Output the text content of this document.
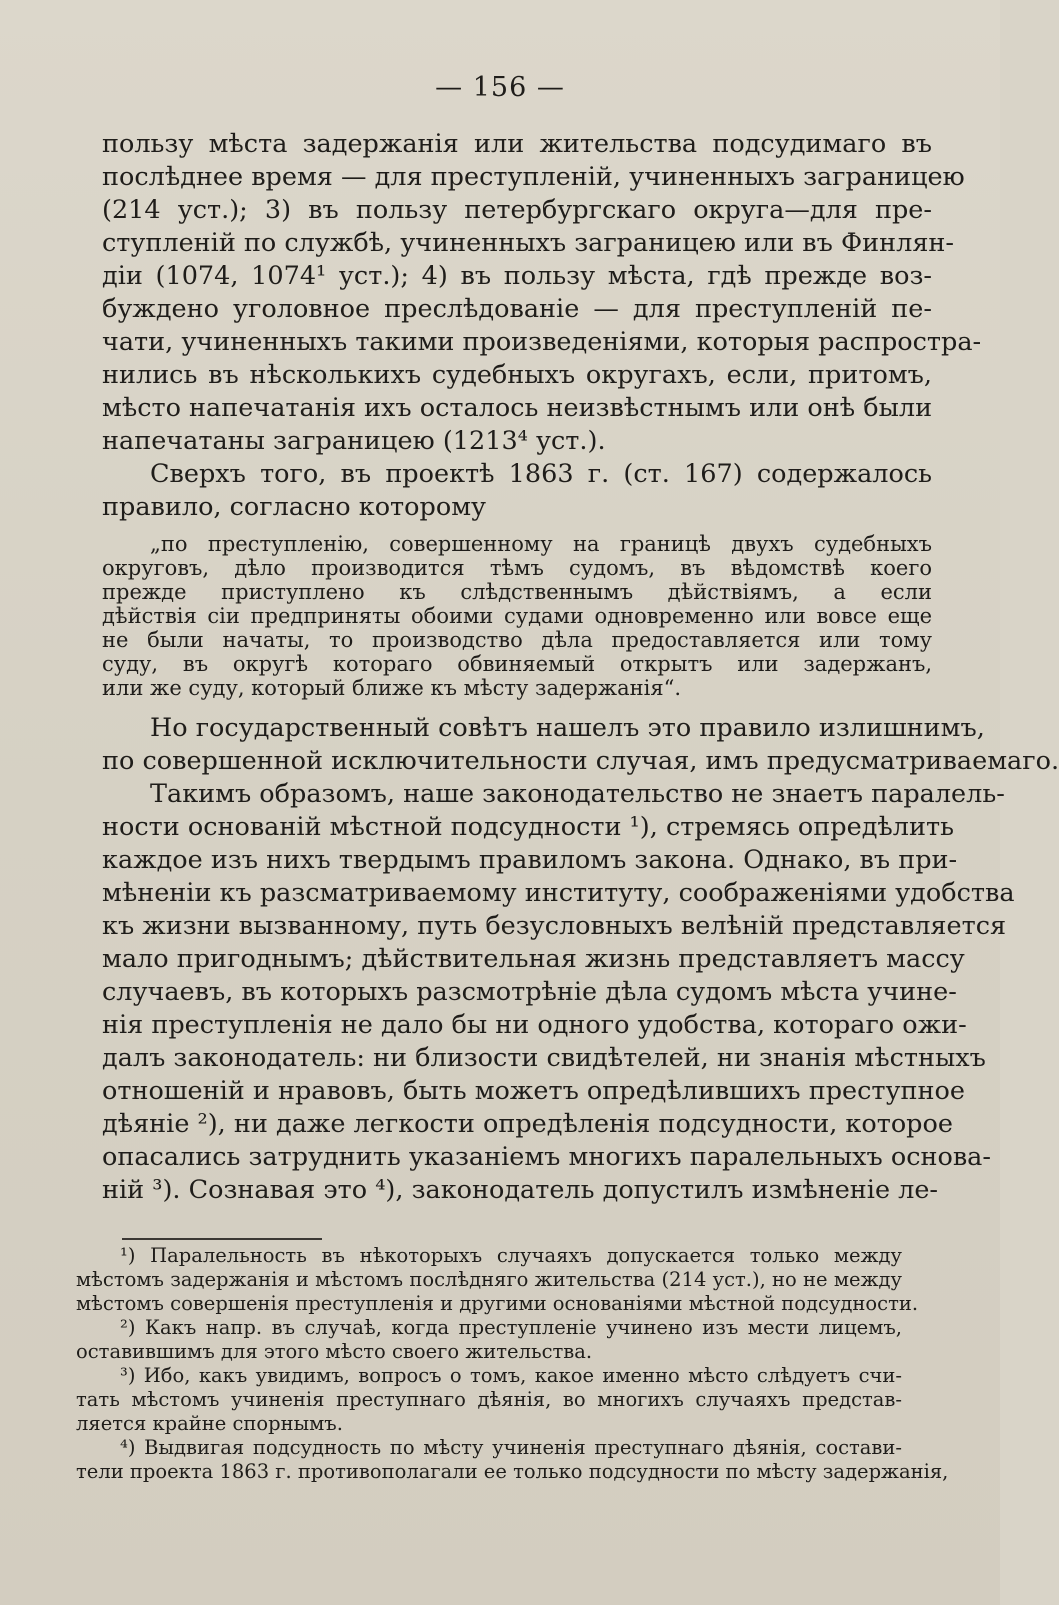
— 156 —
пользу мѣста задержанія или жительства подсудимаго въ
послѣднее время — для преступленій, учиненныхъ заграницею
(214 уст.); 3) въ пользу петербургскаго округа—для пре-
ступленій по службѣ, учиненныхъ заграницею или въ Финлян-
діи (1074, 1074¹ уст.); 4) въ пользу мѣста, гдѣ прежде воз-
буждено уголовное преслѣдованіе — для преступленій пе-
чати, учиненныхъ такими произведеніями, которыя распростра-
нились въ нѣсколькихъ судебныхъ округахъ, если, притомъ,
мѣсто напечатанія ихъ осталось неизвѣстнымъ или онѣ были
напечатаны заграницею (1213⁴ уст.).
Сверхъ того, въ проектѣ 1863 г. (ст. 167) содержалось
правило, согласно которому
„по преступленію, совершенному на границѣ двухъ судебныхъ
округовъ, дѣло производится тѣмъ судомъ, въ вѣдомствѣ коего
прежде приступлено къ слѣдственнымъ дѣйствіямъ, а если
дѣйствія сіи предприняты обоими судами одновременно или вовсе еще
не были начаты, то производство дѣла предоставляется или тому
суду, въ округѣ котораго обвиняемый открытъ или задержанъ,
или же суду, который ближе къ мѣсту задержанія“.
Но государственный совѣтъ нашелъ это правило излишнимъ,
по совершенной исключительности случая, имъ предусматриваемаго.
Такимъ образомъ, наше законодательство не знаетъ паралель-
ности основаній мѣстной подсудности ¹), стремясь опредѣлить
каждое изъ нихъ твердымъ правиломъ закона. Однако, въ при-
мѣненіи къ разсматриваемому институту, соображеніями удобства
къ жизни вызванному, путь безусловныхъ велѣній представляется
мало пригоднымъ; дѣйствительная жизнь представляетъ массу
случаевъ, въ которыхъ разсмотрѣніе дѣла судомъ мѣста учине-
нія преступленія не дало бы ни одного удобства, котораго ожи-
далъ законодатель: ни близости свидѣтелей, ни знанія мѣстныхъ
отношеній и нравовъ, быть можетъ опредѣлившихъ преступное
дѣяніе ²), ни даже легкости опредѣленія подсудности, которое
опасались затруднить указаніемъ многихъ паралельныхъ основа-
ній ³). Сознавая это ⁴), законодатель допустилъ измѣненіе ле-
¹) Паралельность въ нѣкоторыхъ случаяхъ допускается только между
мѣстомъ задержанія и мѣстомъ послѣдняго жительства (214 уст.), но не между
мѣстомъ совершенія преступленія и другими основаніями мѣстной подсудности.
²) Какъ напр. въ случаѣ, когда преступленіе учинено изъ мести лицемъ,
оставившимъ для этого мѣсто своего жительства.
³) Ибо, какъ увидимъ, вопросъ о томъ, какое именно мѣсто слѣдуетъ счи-
тать мѣстомъ учиненія преступнаго дѣянія, во многихъ случаяхъ представ-
ляется крайне спорнымъ.
⁴) Выдвигая подсудность по мѣсту учиненія преступнаго дѣянія, состави-
тели проекта 1863 г. противополагали ее только подсудности по мѣсту задержанія,
